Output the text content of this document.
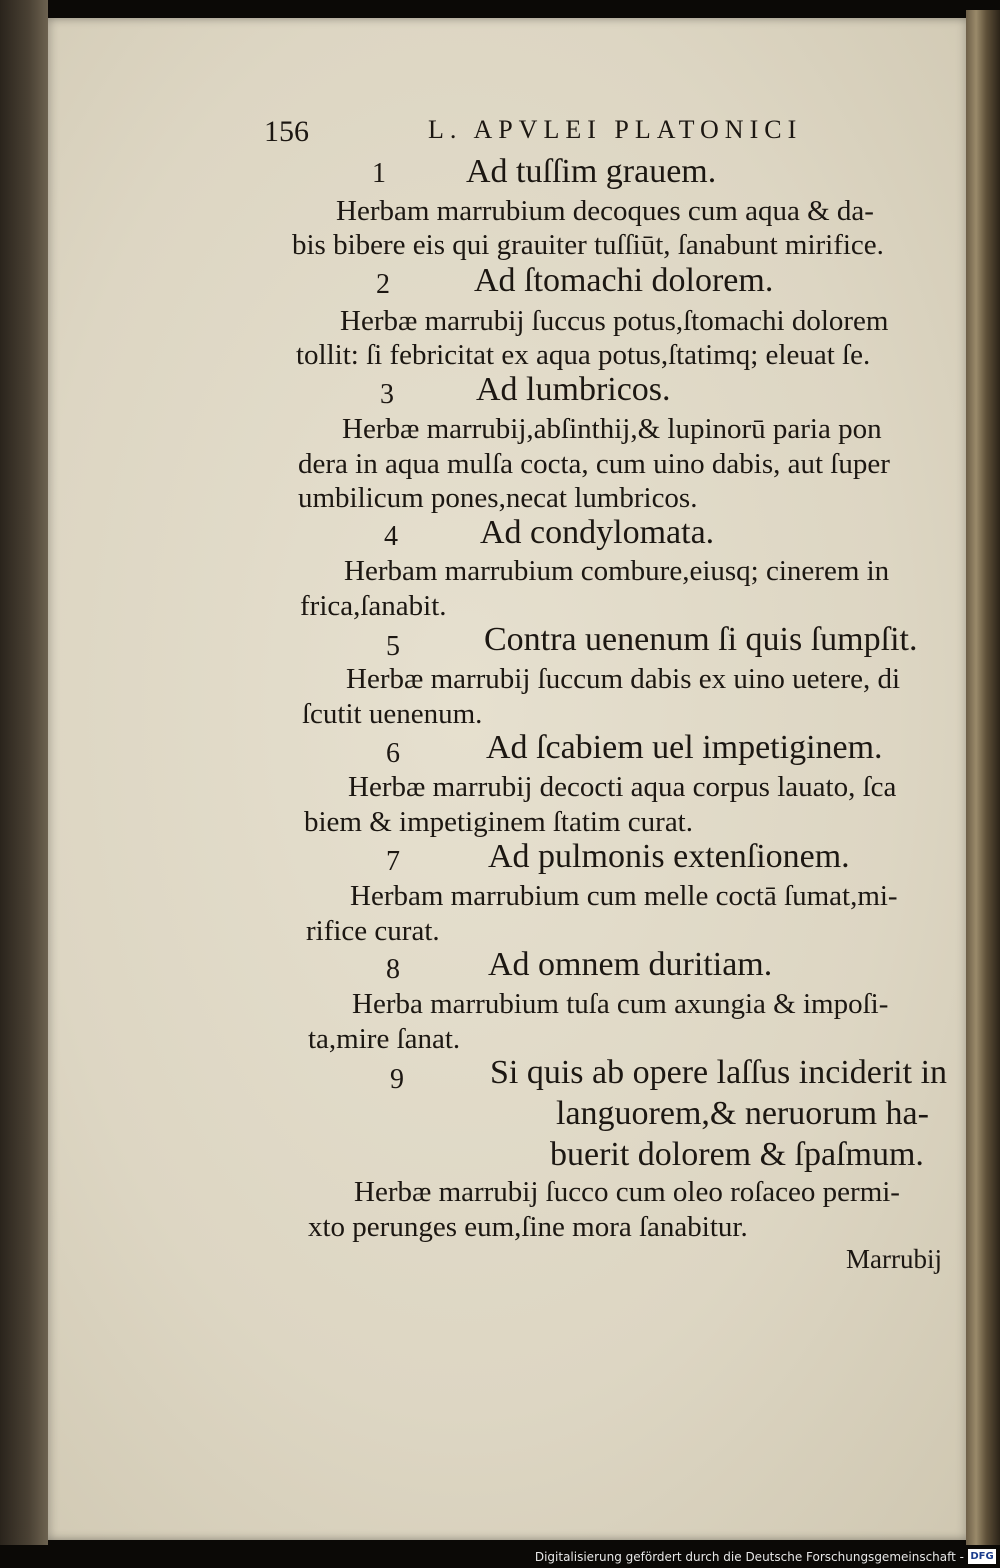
156	L. APVLEI PLATONICI
1 Ad tuſſim grauem.
Herbam marrubium decoques cum aqua & da-
bis bibere eis qui grauiter tuſſiūt, ſanabunt mirifice.
2 Ad ſtomachi dolorem.
Herbæ marrubij ſuccus potus,ſtomachi dolorem
tollit: ſi febricitat ex aqua potus,ſtatimq; eleuat ſe.
3 Ad lumbricos.
Herbæ marrubij,abſinthij,& lupinorū paria pon
dera in aqua mulſa cocta, cum uino dabis, aut ſuper
umbilicum pones,necat lumbricos.
4 Ad condylomata.
Herbam marrubium combure,eiusq; cinerem in
frica,ſanabit.
5 Contra uenenum ſi quis ſumpſit.
Herbæ marrubij ſuccum dabis ex uino uetere, di
ſcutit uenenum.
6	Ad ſcabiem uel impetiginem.
Herbæ marrubij decocti aqua corpus lauato, ſca
biem & impetiginem ſtatim curat.
7	Ad pulmonis extenſionem.
Herbam marrubium cum melle coctā ſumat,mi-
rifice curat.
8	Ad omnem duritiam.
Herba marrubium tuſa cum axungia & impoſi-
ta,mire ſanat.
9	Si quis ab opere laſſus inciderit in
languorem,& neruorum ha-
buerit dolorem & ſpaſmum.
Herbæ marrubij ſucco cum oleo roſaceo permi-
xto perunges eum,ſine mora ſanabitur.
Marrubij
Digitalisierung gefördert durch die Deutsche Forschungsgemeinschaft - DFG
